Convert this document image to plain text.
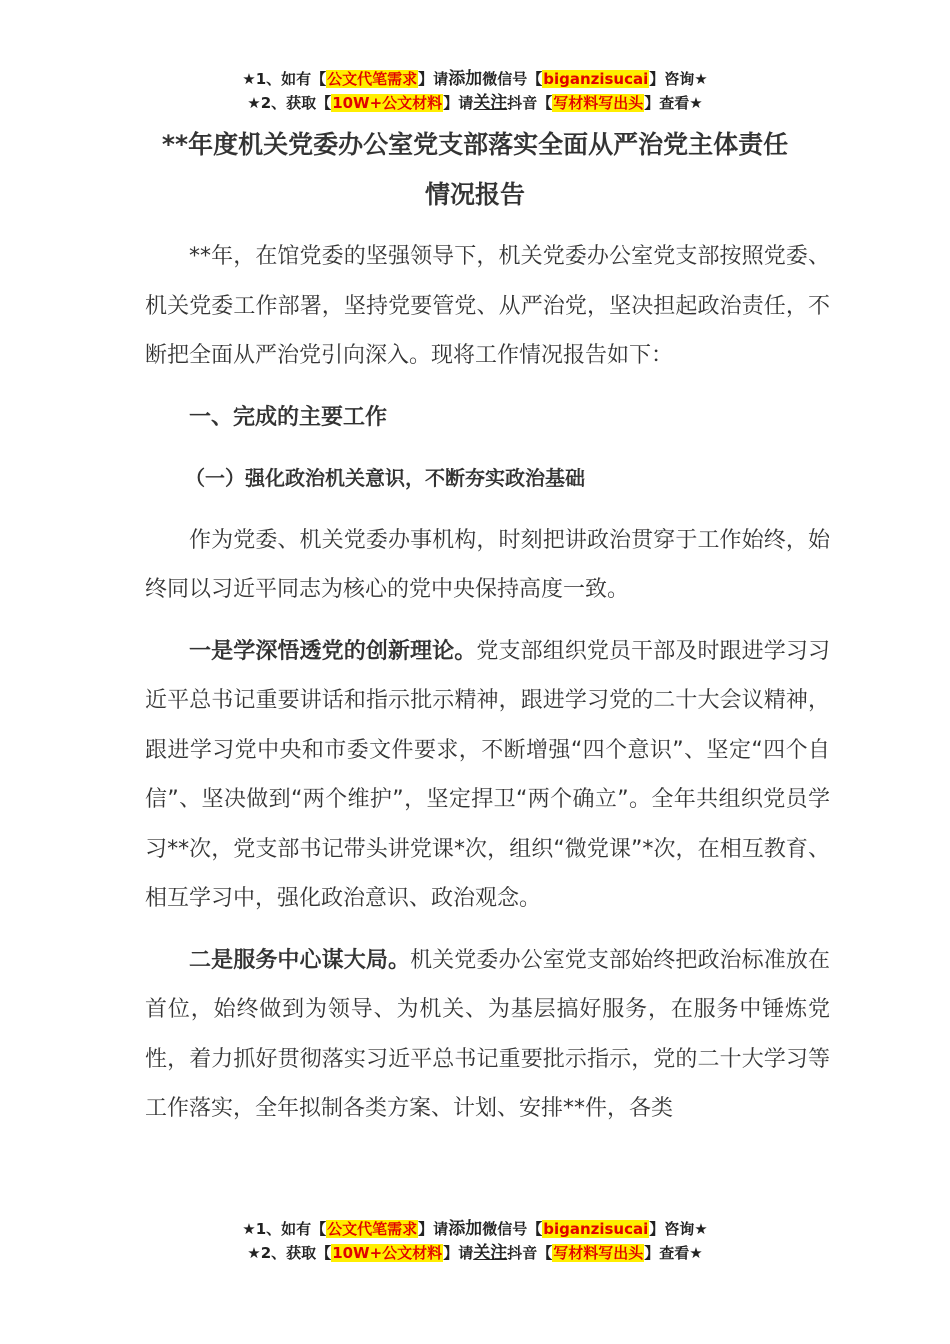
★1、如有【公文代笔需求】请添加微信号【biganzisucai】咨询★
★2、获取【10W+公文材料】请关注抖音【写材料写出头】查看★
**年度机关党委办公室党支部落实全面从严治党主体责任
情况报告

**年，在馆党委的坚强领导下，机关党委办公室党支部按照党委、机关党委工作部署，坚持党要管党、从严治党，坚决担起政治责任，不断把全面从严治党引向深入。现将工作情况报告如下：

一、完成的主要工作

（一）强化政治机关意识，不断夯实政治基础

作为党委、机关党委办事机构，时刻把讲政治贯穿于工作始终，始终同以习近平同志为核心的党中央保持高度一致。

一是学深悟透党的创新理论。党支部组织党员干部及时跟进学习习近平总书记重要讲话和指示批示精神，跟进学习党的二十大会议精神，跟进学习党中央和市委文件要求，不断增强“四个意识”、坚定“四个自信”、坚决做到“两个维护”，坚定捍卫“两个确立”。全年共组织党员学习**次，党支部书记带头讲党课*次，组织“微党课”*次，在相互教育、相互学习中，强化政治意识、政治观念。

二是服务中心谋大局。机关党委办公室党支部始终把政治标准放在首位，始终做到为领导、为机关、为基层搞好服务，在服务中锤炼党性，着力抓好贯彻落实习近平总书记重要批示指示，党的二十大学习等工作落实，全年拟制各类方案、计划、安排**件，各类

★1、如有【公文代笔需求】请添加微信号【biganzisucai】咨询★
★2、获取【10W+公文材料】请关注抖音【写材料写出头】查看★
